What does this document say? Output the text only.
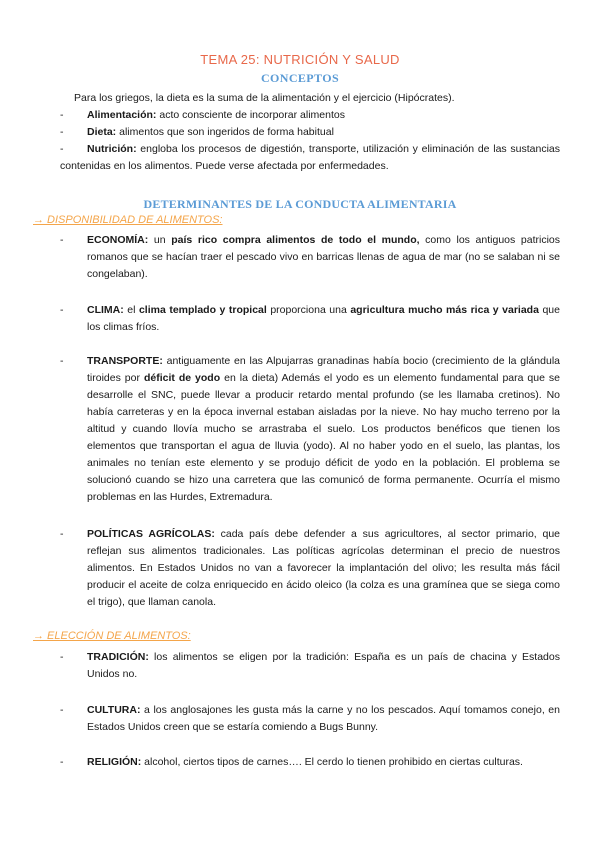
TEMA 25: NUTRICIÓN Y SALUD
CONCEPTOS
Para los griegos, la dieta es la suma de la alimentación y el ejercicio (Hipócrates).
- Alimentación: acto consciente de incorporar alimentos
- Dieta: alimentos que son ingeridos de forma habitual
-	Nutrición: engloba los procesos de digestión, transporte, utilización y eliminación de las sustancias contenidas en los alimentos. Puede verse afectada por enfermedades.
DETERMINANTES DE LA CONDUCTA ALIMENTARIA
→ DISPONIBILIDAD DE ALIMENTOS:
- ECONOMÍA: un país rico compra alimentos de todo el mundo, como los antiguos patricios romanos que se hacían traer el pescado vivo en barricas llenas de agua de mar (no se salaban ni se congelaban).
- CLIMA: el clima templado y tropical proporciona una agricultura mucho más rica y variada que los climas fríos.
- TRANSPORTE: antiguamente en las Alpujarras granadinas había bocio (crecimiento de la glándula tiroides por déficit de yodo en la dieta) Además el yodo es un elemento fundamental para que se desarrolle el SNC, puede llevar a producir retardo mental profundo (se les llamaba cretinos). No había carreteras y en la época invernal estaban aisladas por la nieve. No hay mucho terreno por la altitud y cuando llovía mucho se arrastraba el suelo. Los productos benéficos que tienen los elementos que transportan el agua de lluvia (yodo). Al no haber yodo en el suelo, las plantas, los animales no tenían este elemento y se produjo déficit de yodo en la población. El problema se solucionó cuando se hizo una carretera que las comunicó de forma permanente. Ocurría el mismo problemas en las Hurdes, Extremadura.
- POLÍTICAS AGRÍCOLAS: cada país debe defender a sus agricultores, al sector primario, que reflejan sus alimentos tradicionales. Las políticas agrícolas determinan el precio de nuestros alimentos. En Estados Unidos no van a favorecer la implantación del olivo; les resulta más fácil producir el aceite de colza enriquecido en ácido oleico (la colza es una gramínea que se siega como el trigo), que llaman canola.
→ ELECCIÓN DE ALIMENTOS:
- TRADICIÓN: los alimentos se eligen por la tradición: España es un país de chacina y Estados Unidos no.
- CULTURA: a los anglosajones les gusta más la carne y no los pescados. Aquí tomamos conejo, en Estados Unidos creen que se estaría comiendo a Bugs Bunny.
- RELIGIÓN: alcohol, ciertos tipos de carnes…. El cerdo lo tienen prohibido en ciertas culturas.
